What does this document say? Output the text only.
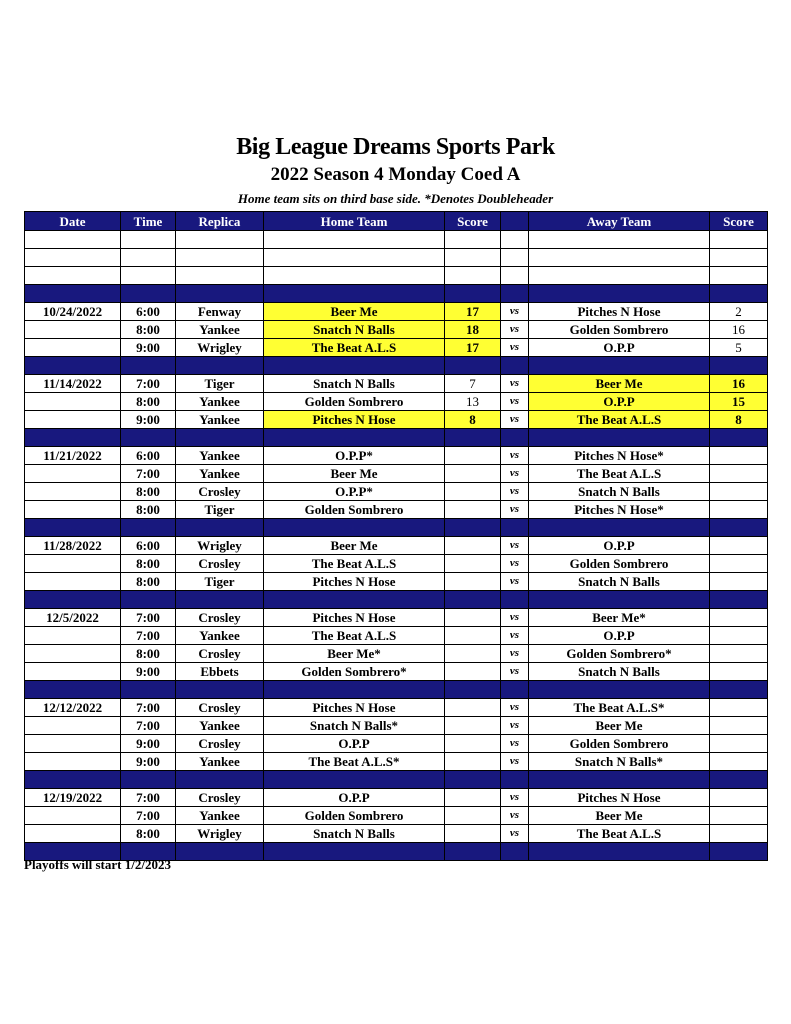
Big League Dreams Sports Park
2022 Season 4 Monday Coed A
Home team sits on third base side. *Denotes Doubleheader
Date	Time	Replica	Home Team	Score		Away Team	Score

10/24/2022	6:00	Fenway	Beer Me	17	vs	Pitches N Hose	2
	8:00	Yankee	Snatch N Balls	18	vs	Golden Sombrero	16
	9:00	Wrigley	The Beat A.L.S	17	vs	O.P.P	5

11/14/2022	7:00	Tiger	Snatch N Balls	7	vs	Beer Me	16
	8:00	Yankee	Golden Sombrero	13	vs	O.P.P	15
	9:00	Yankee	Pitches N Hose	8	vs	The Beat A.L.S	8

11/21/2022	6:00	Yankee	O.P.P*		vs	Pitches N Hose*	
	7:00	Yankee	Beer Me		vs	The Beat A.L.S	
	8:00	Crosley	O.P.P*		vs	Snatch N Balls	
	8:00	Tiger	Golden Sombrero		vs	Pitches N Hose*	

11/28/2022	6:00	Wrigley	Beer Me		vs	O.P.P	
	8:00	Crosley	The Beat A.L.S		vs	Golden Sombrero	
	8:00	Tiger	Pitches N Hose		vs	Snatch N Balls	

12/5/2022	7:00	Crosley	Pitches N Hose		vs	Beer Me*	
	7:00	Yankee	The Beat A.L.S		vs	O.P.P	
	8:00	Crosley	Beer Me*		vs	Golden Sombrero*	
	9:00	Ebbets	Golden Sombrero*		vs	Snatch N Balls	

12/12/2022	7:00	Crosley	Pitches N Hose		vs	The Beat A.L.S*	
	7:00	Yankee	Snatch N Balls*		vs	Beer Me	
	9:00	Crosley	O.P.P		vs	Golden Sombrero	
	9:00	Yankee	The Beat A.L.S*		vs	Snatch N Balls*	

12/19/2022	7:00	Crosley	O.P.P		vs	Pitches N Hose	
	7:00	Yankee	Golden Sombrero		vs	Beer Me	
	8:00	Wrigley	Snatch N Balls		vs	The Beat A.L.S	

Playoffs will start 1/2/2023
